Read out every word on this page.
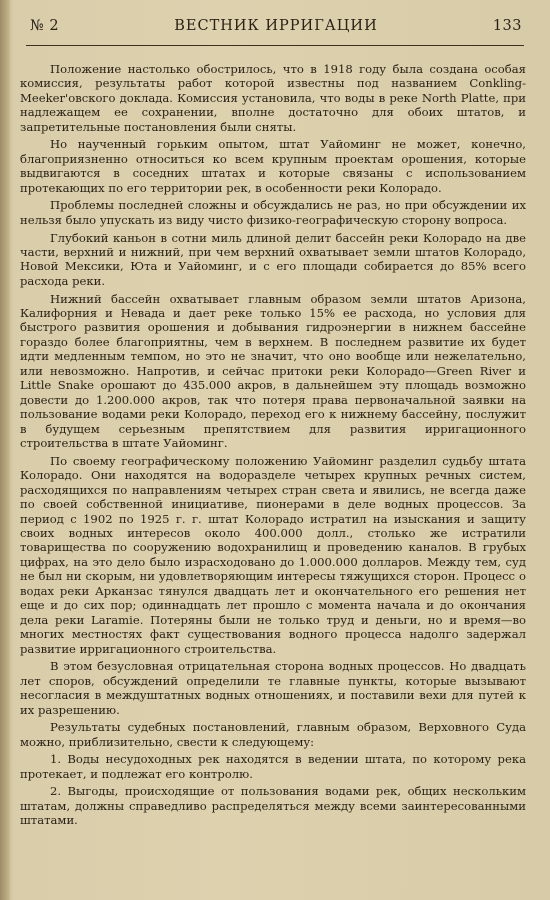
№ 2	ВЕСТНИК ИРРИГАЦИИ	133

Положение настолько обострилось, что в 1918 году была создана особая комиссия, результаты работ которой известны под названием Conkling-Meeker'овского доклада. Комиссия установила, что воды в реке North Platte, при надлежащем ее сохранении, вполне достаточно для обоих штатов, и запретительные постановления были сняты.

Но наученный горьким опытом, штат Уайоминг не может, конечно, благоприязненно относиться ко всем крупным проектам орошения, которые выдвигаются в соседних штатах и которые связаны с использованием протекающих по его территории рек, в особенности реки Колорадо.

Проблемы последней сложны и обсуждались не раз, но при обсуждении их нельзя было упускать из виду чисто физико-географическую сторону вопроса.

Глубокий каньон в сотни миль длиной делит бассейн реки Колорадо на две части, верхний и нижний, при чем верхний охватывает земли штатов Колорадо, Новой Мексики, Юта и Уайоминг, и с его площади собирается до 85% всего расхода реки.

Нижний бассейн охватывает главным образом земли штатов Аризона, Калифорния и Невада и дает реке только 15% ее расхода, но условия для быстрого развития орошения и добывания гидроэнергии в нижнем бассейне гораздо более благоприятны, чем в верхнем. В последнем развитие их будет идти медленным темпом, но это не значит, что оно вообще или нежелательно, или невозможно. Напротив, и сейчас притоки реки Колорадо—Green River и Little Snake орошают до 435.000 акров, в дальнейшем эту площадь возможно довести до 1.200.000 акров, так что потеря права первоначальной заявки на пользование водами реки Колорадо, переход его к нижнему бассейну, послужит в будущем серьезным препятствием для развития ирригационного строительства в штате Уайоминг.

По своему географическому положению Уайоминг разделил судьбу штата Колорадо. Они находятся на водоразделе четырех крупных речных систем, расходящихся по направлениям четырех стран света и явились, не всегда даже по своей собственной инициативе, пионерами в деле водных процессов. За период с 1902 по 1925 г. г. штат Колорадо истратил на изыскания и защиту своих водных интересов около 400.000 долл., столько же истратили товарищества по сооружению водохранилищ и проведению каналов. В грубых цифрах, на это дело было израсходовано до 1.000.000 долларов. Между тем, суд не был ни скорым, ни удовлетворяющим интересы тяжущихся сторон. Процесс о водах реки Арканзас тянулся двадцать лет и окончательного его решения нет еще и до сих пор; одиннадцать лет прошло с момента начала и до окончания дела реки Laramie. Потеряны были не только труд и деньги, но и время—во многих местностях факт существования водного процесса надолго задержал развитие ирригационного строительства.

В этом безусловная отрицательная сторона водных процессов. Но двадцать лет споров, обсуждений определили те главные пункты, которые вызывают несогласия в междуштатных водных отношениях, и поставили вехи для путей к их разрешению.

Результаты судебных постановлений, главным образом, Верховного Суда можно, приблизительно, свести к следующему:

1. Воды несудоходных рек находятся в ведении штата, по которому река протекает, и подлежат его контролю.

2. Выгоды, происходящие от пользования водами рек, общих нескольким штатам, должны справедливо распределяться между всеми заинтересованными штатами.
